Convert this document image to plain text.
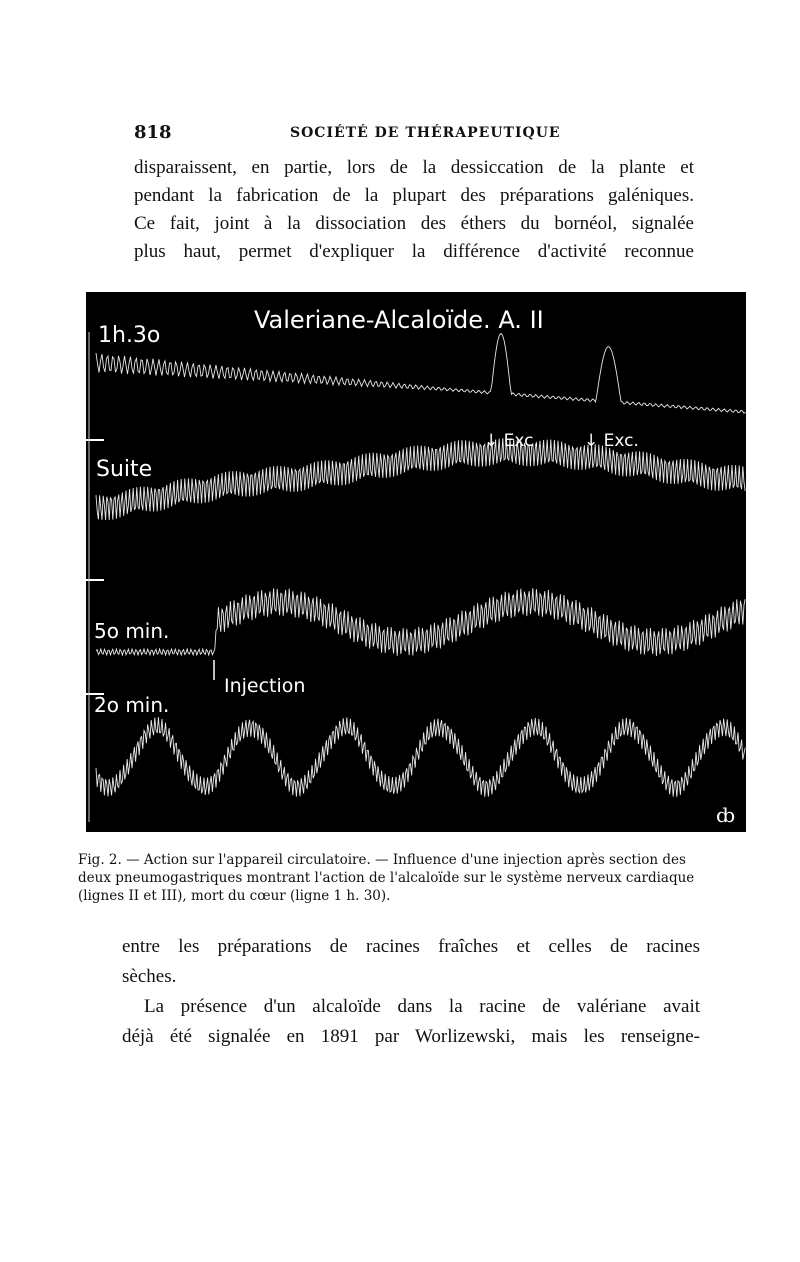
818	SOCIÉTÉ DE THÉRAPEUTIQUE
disparaissent, en partie, lors de la dessiccation de la plante et
pendant la fabrication de la plupart des préparations galéniques.
Ce fait, joint à la dissociation des éthers du bornéol, signalée
plus haut, permet d'expliquer la différence d'activité reconnue
Valeriane-Alcaloïde. A. II
1h.3o
Suite
5o min.
2o min.
↓ Exc.	↓ Exc.
Injection
3
2
1
ȸ
3
2
1
7
6
5
4
7
6
5
6
5
4
Fig. 2. — Action sur l'appareil circulatoire. — Influence d'une injection après section des
deux pneumogastriques montrant l'action de l'alcaloïde sur le système nerveux cardiaque
(lignes II et III), mort du cœur (ligne 1 h. 30).
entre les préparations de racines fraîches et celles de racines
sèches.
La présence d'un alcaloïde dans la racine de valériane avait
déjà été signalée en 1891 par Worlizewski, mais les renseigne-
